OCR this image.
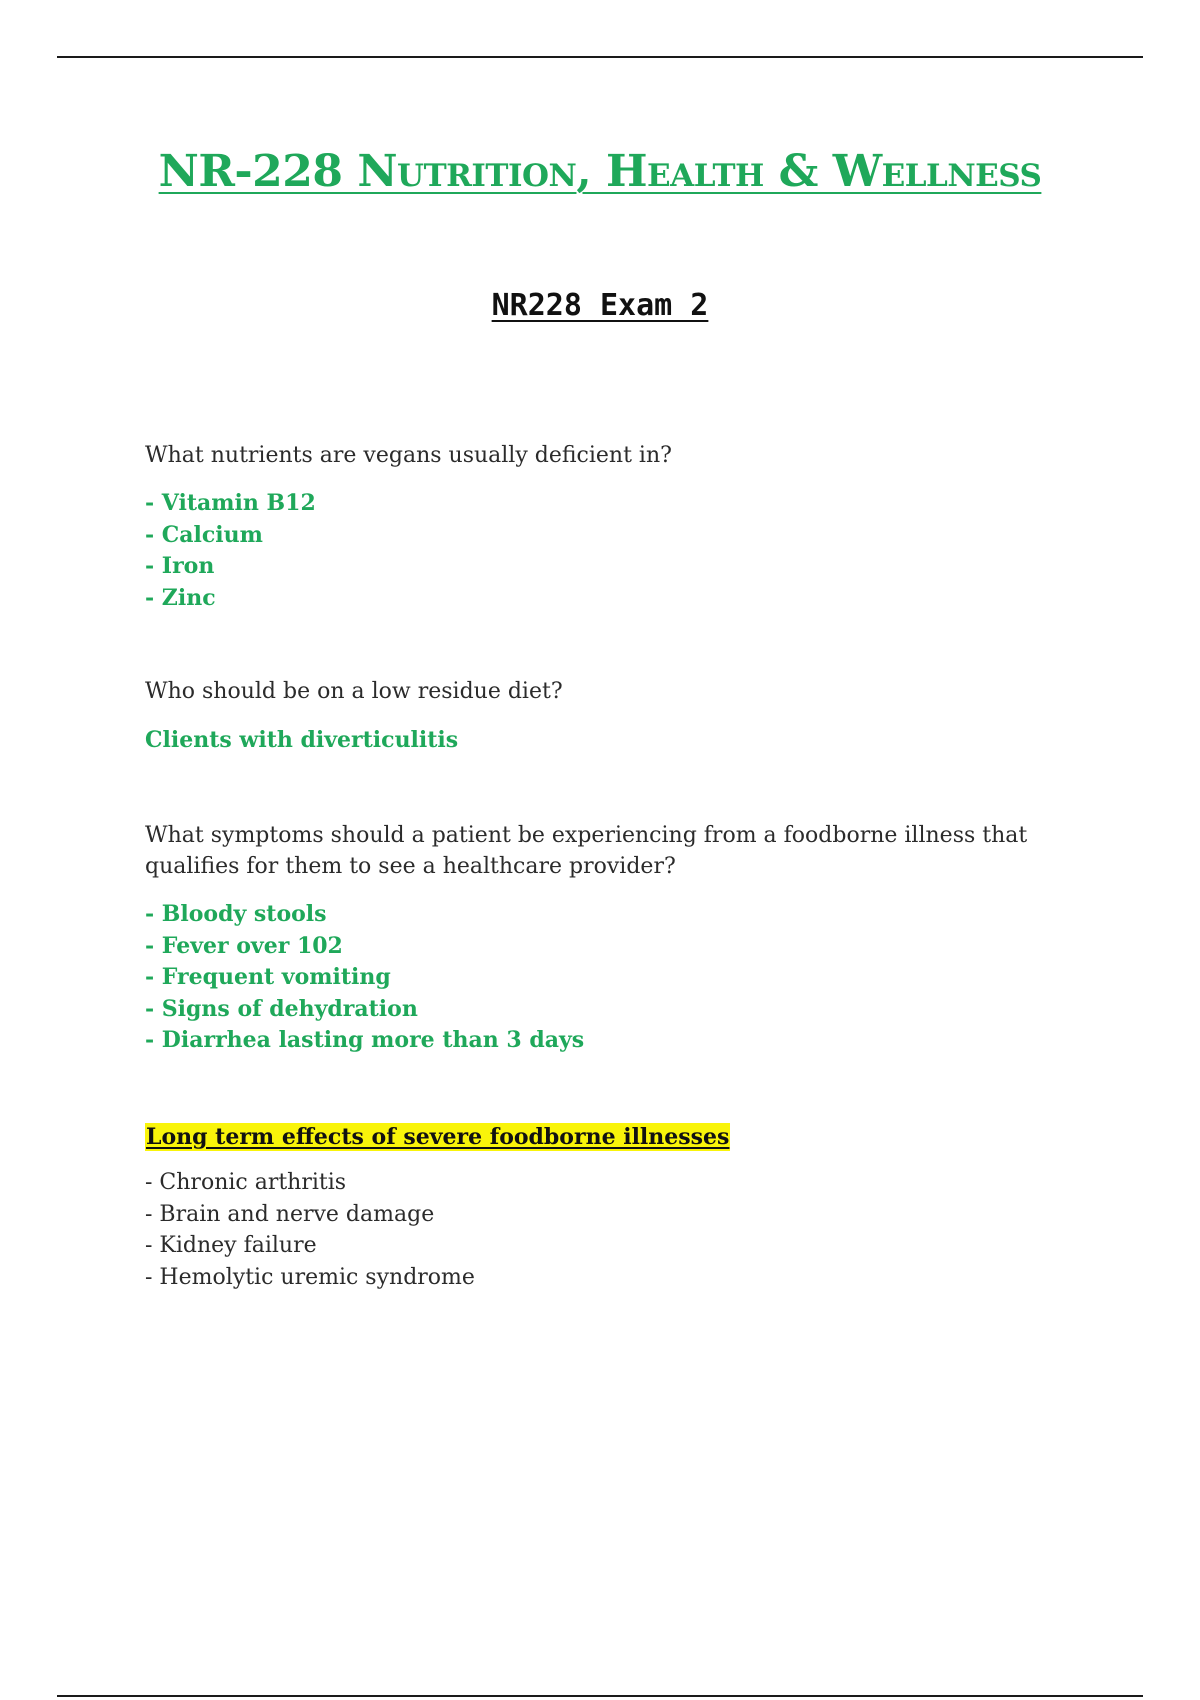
NR-228 Nutrition, Health & Wellness
NR228 Exam 2

What nutrients are vegans usually deficient in?

- Vitamin B12
- Calcium
- Iron
- Zinc

Who should be on a low residue diet?

Clients with diverticulitis

What symptoms should a patient be experiencing from a foodborne illness that qualifies for them to see a healthcare provider?

- Bloody stools
- Fever over 102
- Frequent vomiting
- Signs of dehydration
- Diarrhea lasting more than 3 days

Long term effects of severe foodborne illnesses

- Chronic arthritis
- Brain and nerve damage
- Kidney failure
- Hemolytic uremic syndrome
